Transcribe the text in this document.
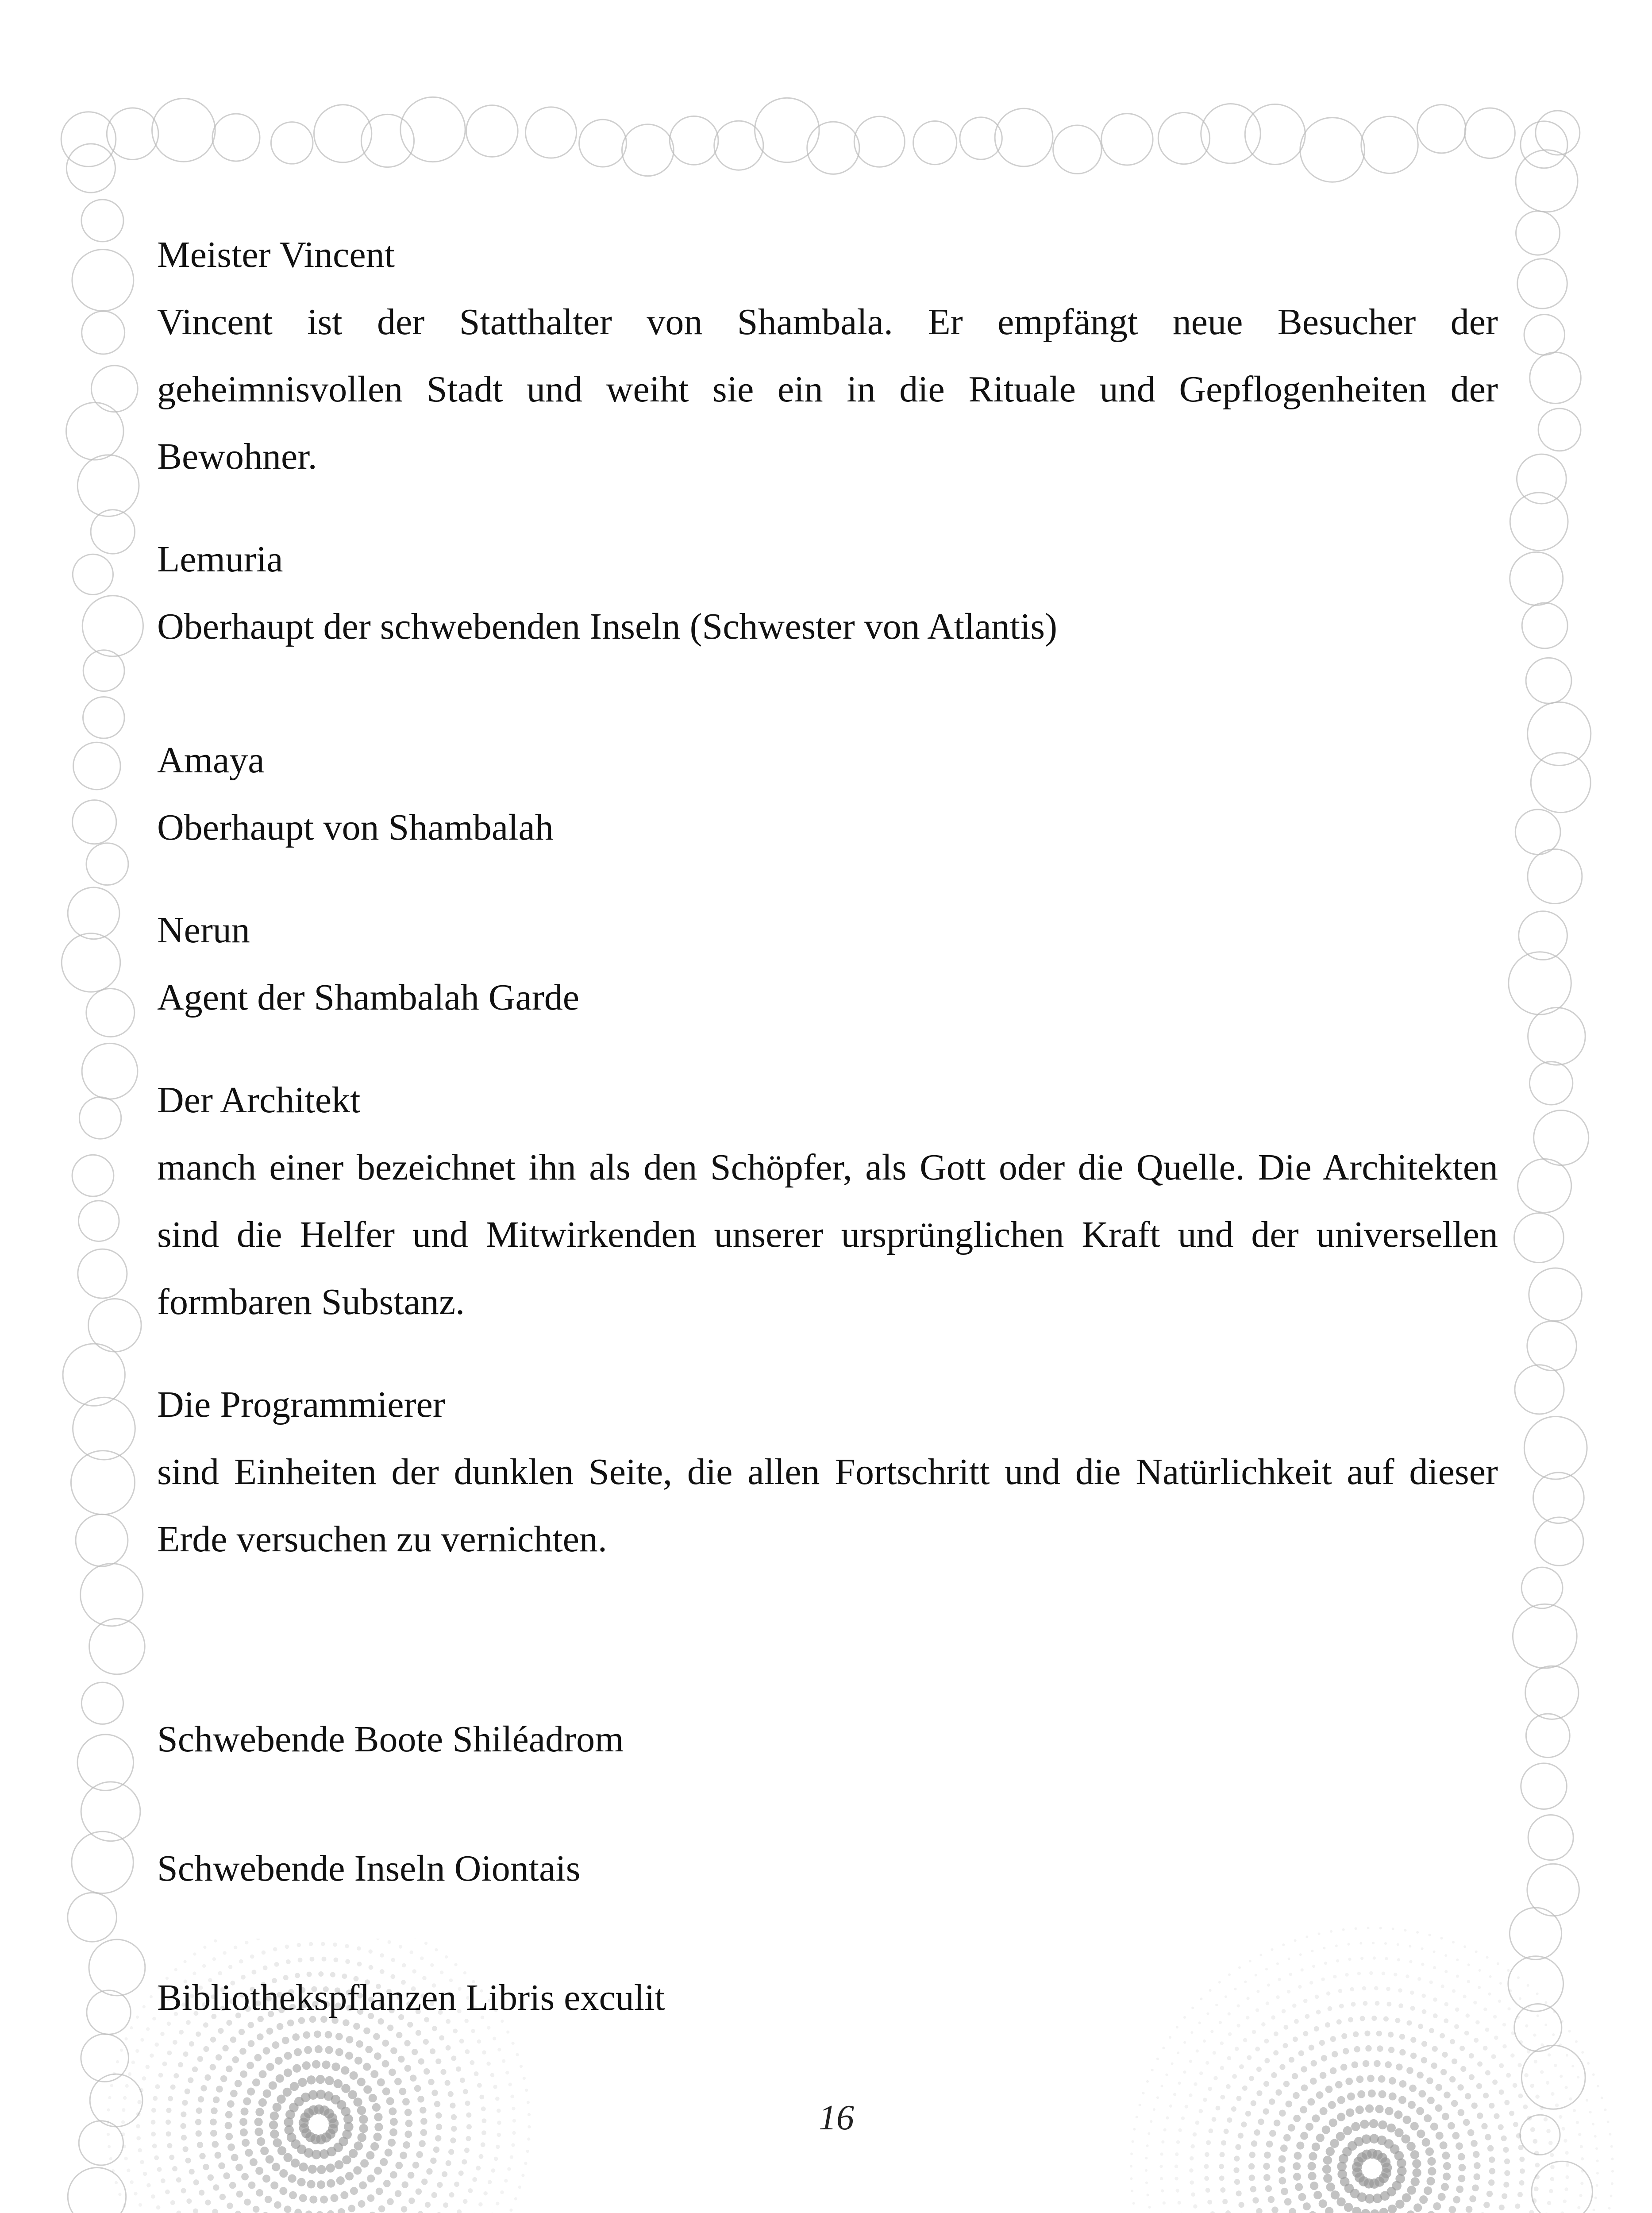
Meister Vincent

Vincent ist der Statthalter von Shambala. Er empfängt neue Besucher der geheimnisvollen Stadt und weiht sie ein in die Rituale und Gepflogenheiten der Bewohner.

Lemuria

Oberhaupt der schwebenden Inseln (Schwester von Atlantis)

Amaya

Oberhaupt von Shambalah

Nerun

Agent der Shambalah Garde

Der Architekt

manch einer bezeichnet ihn als den Schöpfer, als Gott oder die Quelle. Die Architekten sind die Helfer und Mitwirkenden unserer ursprünglichen Kraft und der universellen formbaren Substanz.

Die Programmierer

sind Einheiten der dunklen Seite, die allen Fortschritt und die Natürlichkeit auf dieser Erde versuchen zu vernichten.

Schwebende Boote Shiléadrom

Schwebende Inseln Oiontais

Bibliothekspflanzen Libris exculit

16
